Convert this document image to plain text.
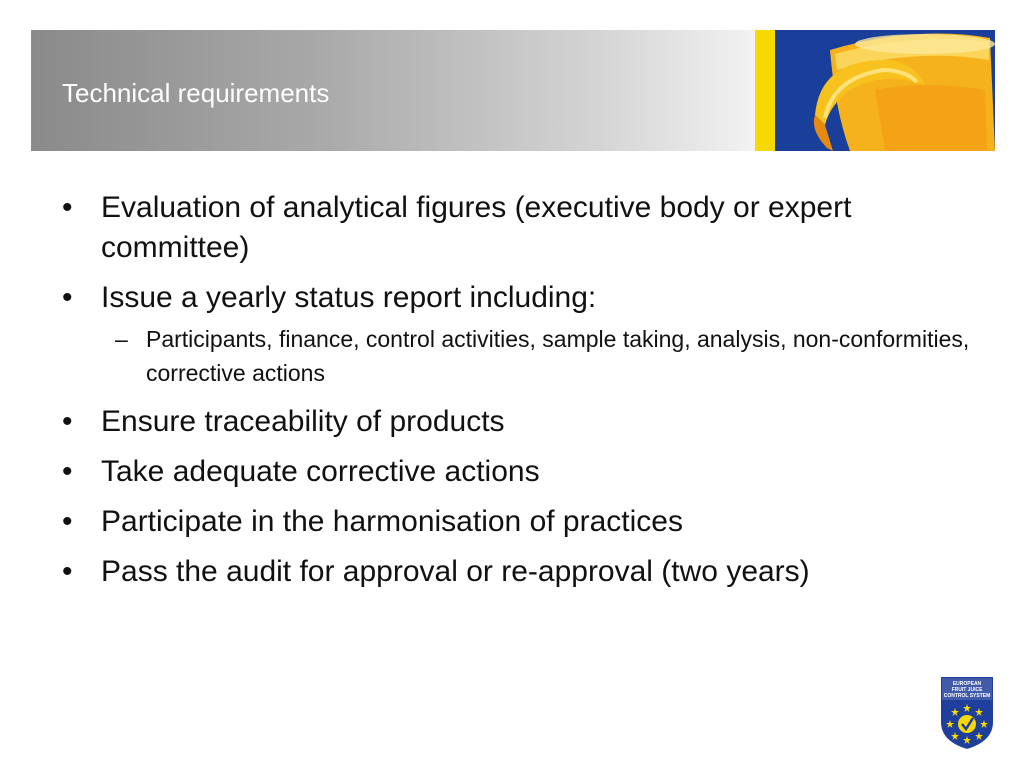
Technical requirements
• Evaluation of analytical figures (executive body or expert committee)
• Issue a yearly status report including:
– Participants, finance, control activities, sample taking, analysis, non-conformities, corrective actions
• Ensure traceability of products
• Take adequate corrective actions
• Participate in the harmonisation of practices
• Pass the audit for approval or re-approval (two years)
EUROPEAN
FRUIT JUICE
CONTROL SYSTEM
